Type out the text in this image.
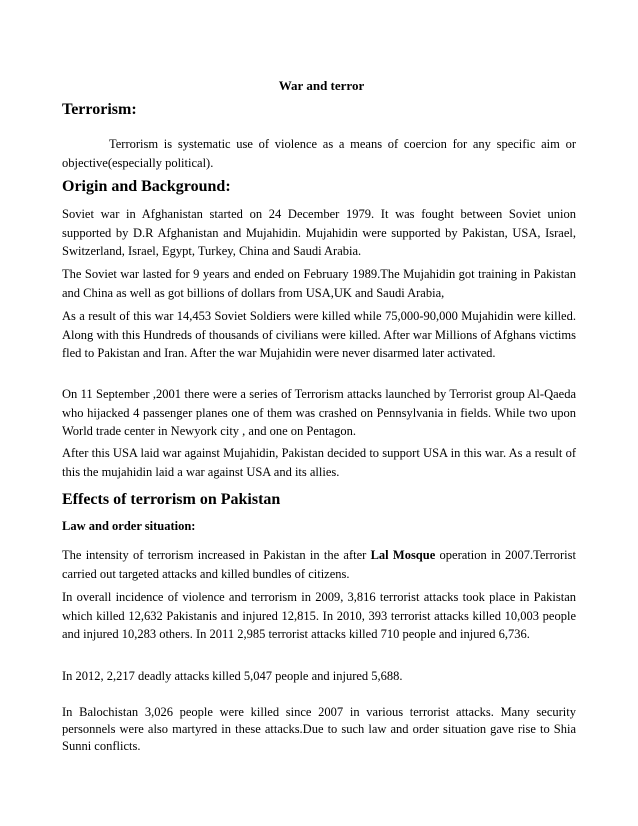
War and terror
Terrorism:
Terrorism is systematic use of violence as a means of coercion for any specific aim or objective(especially political).
Origin and Background:
Soviet war in Afghanistan started on 24 December 1979. It was fought between Soviet union supported by D.R Afghanistan and Mujahidin. Mujahidin were supported by Pakistan, USA, Israel, Switzerland, Israel, Egypt, Turkey, China and Saudi Arabia.
The Soviet war lasted for 9 years and ended on February 1989.The Mujahidin got training in Pakistan and China as well as got billions of dollars from USA,UK and Saudi Arabia,
As a result of this war 14,453 Soviet Soldiers were killed while 75,000-90,000 Mujahidin were killed. Along with this Hundreds of thousands of civilians were killed. After war Millions of Afghans victims fled to Pakistan and Iran. After the war Mujahidin were never disarmed later activated.
On 11 September ,2001 there were a series of Terrorism attacks launched by Terrorist group Al-Qaeda who hijacked 4 passenger planes one of them was crashed on Pennsylvania in fields. While two upon World trade center in Newyork city , and one on Pentagon.
After this USA laid war against Mujahidin, Pakistan decided to support USA in this war. As a result of this the mujahidin laid a war against USA and its allies.
Effects of terrorism on Pakistan
Law and order situation:
The intensity of terrorism increased in Pakistan in the after Lal Mosque operation in 2007.Terrorist carried out targeted attacks and killed bundles of citizens.
In overall incidence of violence and terrorism in 2009, 3,816 terrorist attacks took place in Pakistan which killed 12,632 Pakistanis and injured 12,815. In 2010, 393 terrorist attacks killed 10,003 people and injured 10,283 others. In 2011 2,985 terrorist attacks killed 710 people and injured 6,736.
In 2012, 2,217 deadly attacks killed 5,047 people and injured 5,688.
In Balochistan 3,026 people were killed since 2007 in various terrorist attacks. Many security personnels were also martyred in these attacks.Due to such law and order situation gave rise to Shia Sunni conflicts.
